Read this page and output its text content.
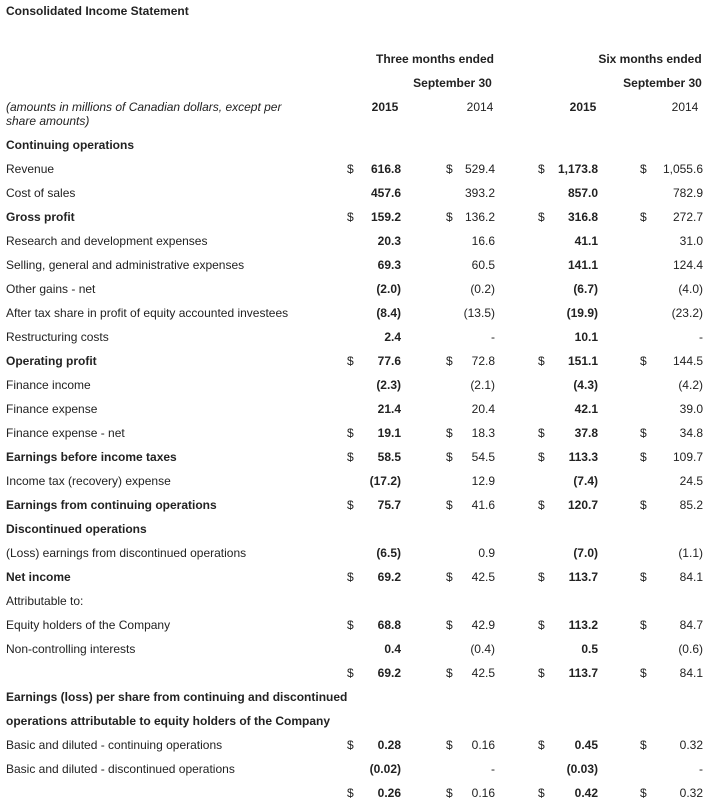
Consolidated Income Statement
Three months ended	Six months ended
September 30	September 30
2015	2014	2015	2014
(amounts in millions of Canadian dollars, except per share amounts)
Continuing operations
Revenue	$ 616.8	$ 529.4	$ 1,173.8	$ 1,055.6
Cost of sales	457.6	393.2	857.0	782.9
Gross profit	$ 159.2	$ 136.2	$ 316.8	$ 272.7
Research and development expenses	20.3	16.6	41.1	31.0
Selling, general and administrative expenses	69.3	60.5	141.1	124.4
Other gains - net	(2.0)	(0.2)	(6.7)	(4.0)
After tax share in profit of equity accounted investees	(8.4)	(13.5)	(19.9)	(23.2)
Restructuring costs	2.4	-	10.1	-
Operating profit	$ 77.6	$ 72.8	$ 151.1	$ 144.5
Finance income	(2.3)	(2.1)	(4.3)	(4.2)
Finance expense	21.4	20.4	42.1	39.0
Finance expense - net	$ 19.1	$ 18.3	$ 37.8	$	34.8
Earnings before income taxes	$ 58.5	$ 54.5	$ 113.3	$ 109.7
Income tax (recovery) expense	(17.2)	12.9	(7.4)	24.5
Earnings from continuing operations	$ 75.7	$ 41.6	$ 120.7	$	85.2
Discontinued operations
(Loss) earnings from discontinued operations	(6.5)	0.9	(7.0)	(1.1)
Net income	$ 69.2	$ 42.5	$ 113.7	$	84.1
Attributable to:
Equity holders of the Company	$ 68.8	$ 42.9	$ 113.2	$	84.7
Non-controlling interests	0.4	(0.4)	0.5	(0.6)
$ 69.2	$ 42.5	$ 113.7	$	84.1
Earnings (loss) per share from continuing and discontinued
operations attributable to equity holders of the Company
Basic and diluted - continuing operations	$ 0.28	$ 0.16	$ 0.45	$	0.32
Basic and diluted - discontinued operations	(0.02)	-	(0.03)	-
$ 0.26	$ 0.16	$ 0.42	$	0.32
